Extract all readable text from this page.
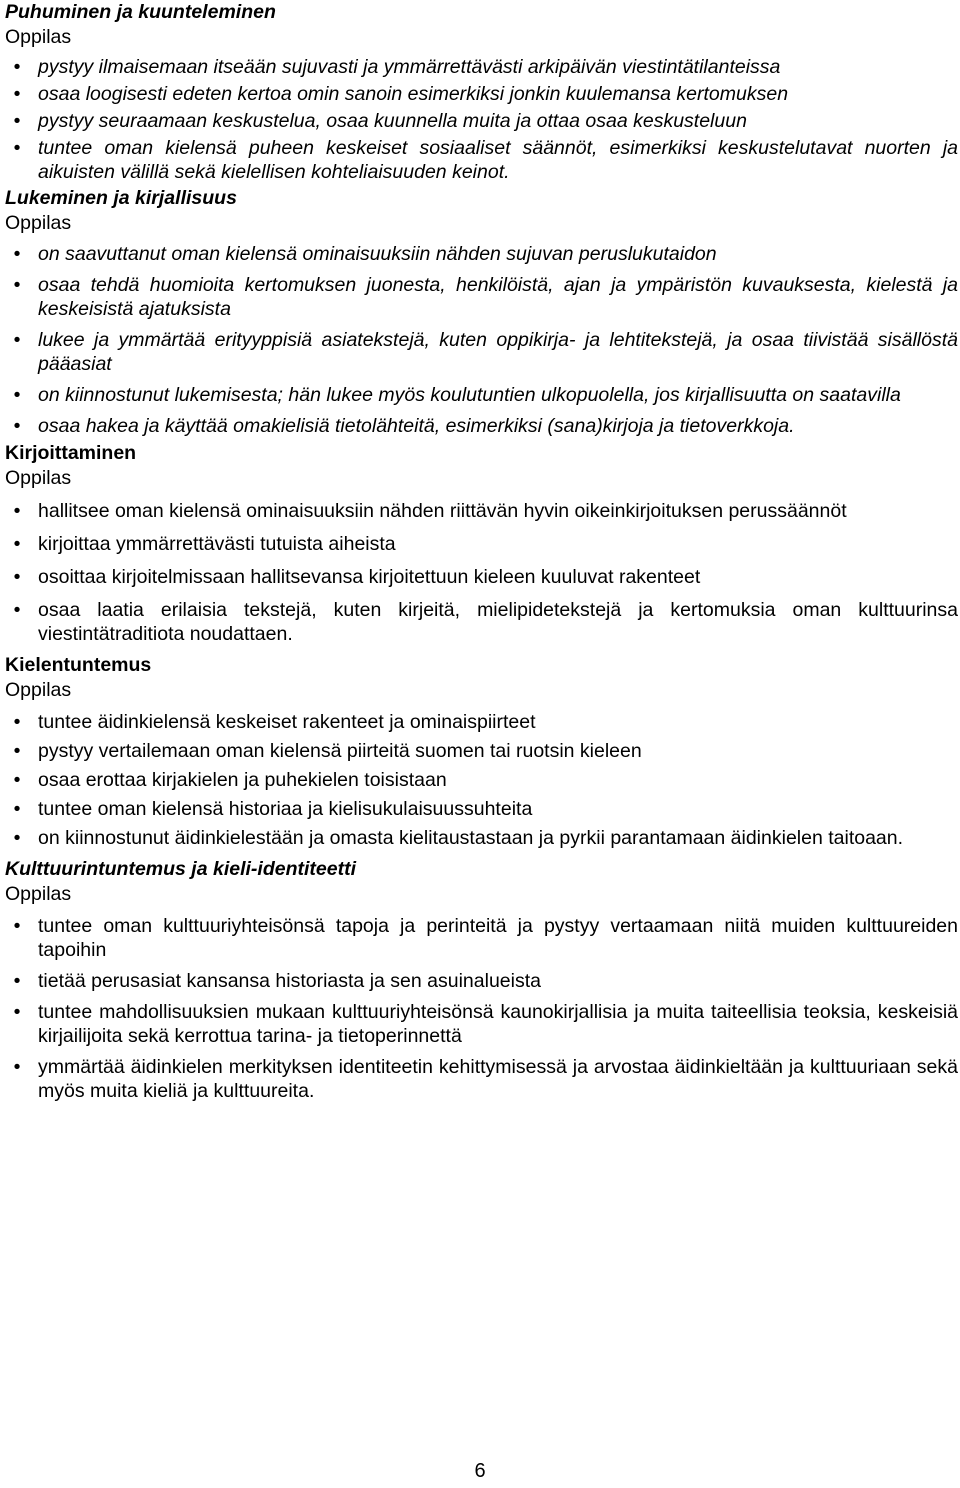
Puhuminen ja kuunteleminen

Oppilas

• pystyy ilmaisemaan itseään sujuvasti ja ymmärrettävästi arkipäivän viestintätilanteissa
• osaa loogisesti edeten kertoa omin sanoin esimerkiksi jonkin kuulemansa kertomuksen
• pystyy seuraamaan keskustelua, osaa kuunnella muita ja ottaa osaa keskusteluun
• tuntee oman kielensä puheen keskeiset sosiaaliset säännöt, esimerkiksi keskustelutavat nuorten ja aikuisten välillä sekä kielellisen kohteliaisuuden keinot.

Lukeminen ja kirjallisuus

Oppilas

• on saavuttanut oman kielensä ominaisuuksiin nähden sujuvan peruslukutaidon
• osaa tehdä huomioita kertomuksen juonesta, henkilöistä, ajan ja ympäristön kuvauksesta, kielestä ja keskeisistä ajatuksista
• lukee ja ymmärtää erityyppisiä asiatekstejä, kuten oppikirja- ja lehtitekstejä, ja osaa tiivistää sisällöstä pääasiat
• on kiinnostunut lukemisesta; hän lukee myös koulutuntien ulkopuolella, jos kirjallisuutta on saatavilla
• osaa hakea ja käyttää omakielisiä tietolähteitä, esimerkiksi (sana)kirjoja ja tietoverkkoja.

Kirjoittaminen

Oppilas

• hallitsee oman kielensä ominaisuuksiin nähden riittävän hyvin oikeinkirjoituksen perussäännöt
• kirjoittaa ymmärrettävästi tutuista aiheista
• osoittaa kirjoitelmissaan hallitsevansa kirjoitettuun kieleen kuuluvat rakenteet
• osaa laatia erilaisia tekstejä, kuten kirjeitä, mielipidetekstejä ja kertomuksia oman kulttuurinsa viestintätraditiota noudattaen.

Kielentuntemus

Oppilas

• tuntee äidinkielensä keskeiset rakenteet ja ominaispiirteet
• pystyy vertailemaan oman kielensä piirteitä suomen tai ruotsin kieleen
• osaa erottaa kirjakielen ja puhekielen toisistaan
• tuntee oman kielensä historiaa ja kielisukulaisuussuhteita
• on kiinnostunut äidinkielestään ja omasta kielitaustastaan ja pyrkii parantamaan äidinkielen taitoaan.

Kulttuurintuntemus ja kieli-identiteetti

Oppilas

• tuntee oman kulttuuriyhteisönsä tapoja ja perinteitä ja pystyy vertaamaan niitä muiden kulttuureiden tapoihin
• tietää perusasiat kansansa historiasta ja sen asuinalueista
• tuntee mahdollisuuksien mukaan kulttuuriyhteisönsä kaunokirjallisia ja muita taiteellisia teoksia, keskeisiä kirjailijoita sekä kerrottua tarina- ja tietoperinnettä
• ymmärtää äidinkielen merkityksen identiteetin kehittymisessä ja arvostaa äidinkieltään ja kulttuuriaan sekä myös muita kieliä ja kulttuureita.
6
